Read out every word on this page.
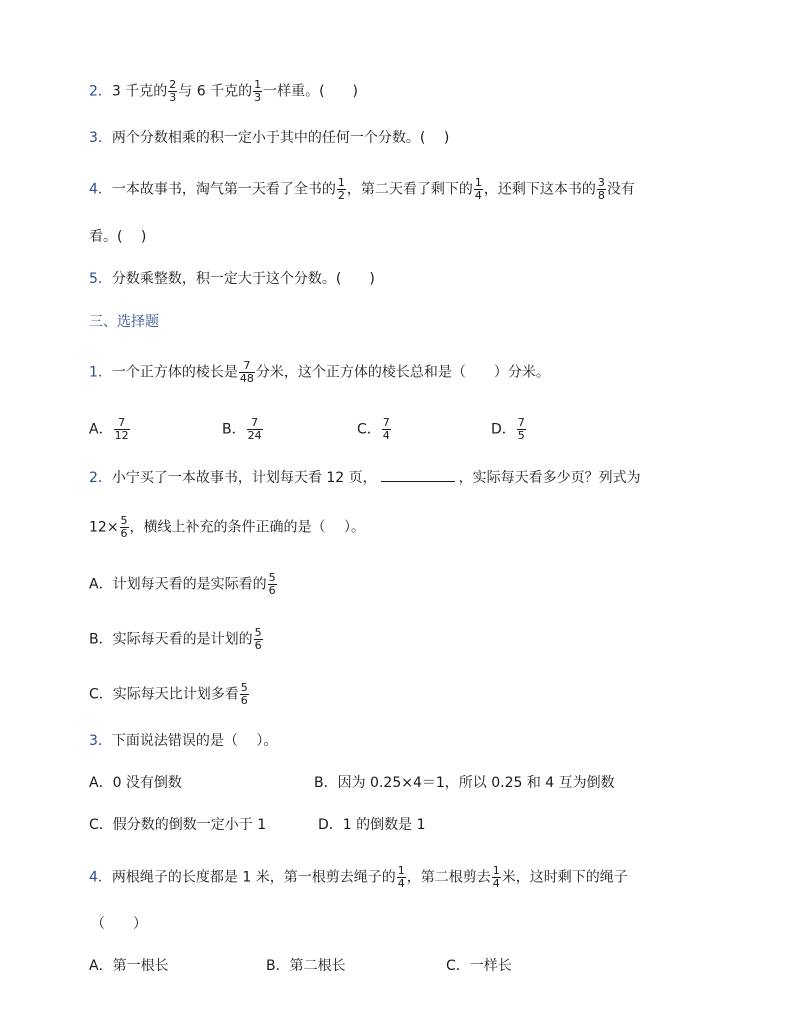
2．3 千克的 $\frac{2}{3}$ 与 6 千克的 $\frac{1}{3}$ 一样重。(　　)
3．两个分数相乘的积一定小于其中的任何一个分数。(　 )
4．一本故事书，淘气第一天看了全书的 $\frac{1}{2}$ ，第二天看了剩下的 $\frac{1}{4}$ ，还剩下这本书的 $\frac{3}{8}$ 没有
看。(　 )
5．分数乘整数，积一定大于这个分数。(　　)
三、选择题
1．一个正方体的棱长是 $\frac{7}{48}$ 分米，这个正方体的棱长总和是（　　）分米。
A． $\frac{7}{12}$	B． $\frac{7}{24}$	C． $\frac{7}{4}$	D． $\frac{7}{5}$
2．小宁买了一本故事书，计划每天看 12 页，	，实际每天看多少页？列式为
$12\times \frac{5}{6}$ ，横线上补充的条件正确的是（　 ）。
A．计划每天看的是实际看的 $\frac{5}{6}$
B．实际每天看的是计划的 $\frac{5}{6}$
C．实际每天比计划多看 $\frac{5}{6}$
3．下面说法错误的是（　 ）。
A．0 没有倒数	B．因为 0.25×4＝1，所以 0.25 和 4 互为倒数
C．假分数的倒数一定小于 1	D．1 的倒数是 1
4．两根绳子的长度都是 1 米，第一根剪去绳子的 $\frac{1}{4}$ ，第二根剪去 $\frac{1}{4}$ 米，这时剩下的绳子
（　　）
A．第一根长	B．第二根长	C．一样长
